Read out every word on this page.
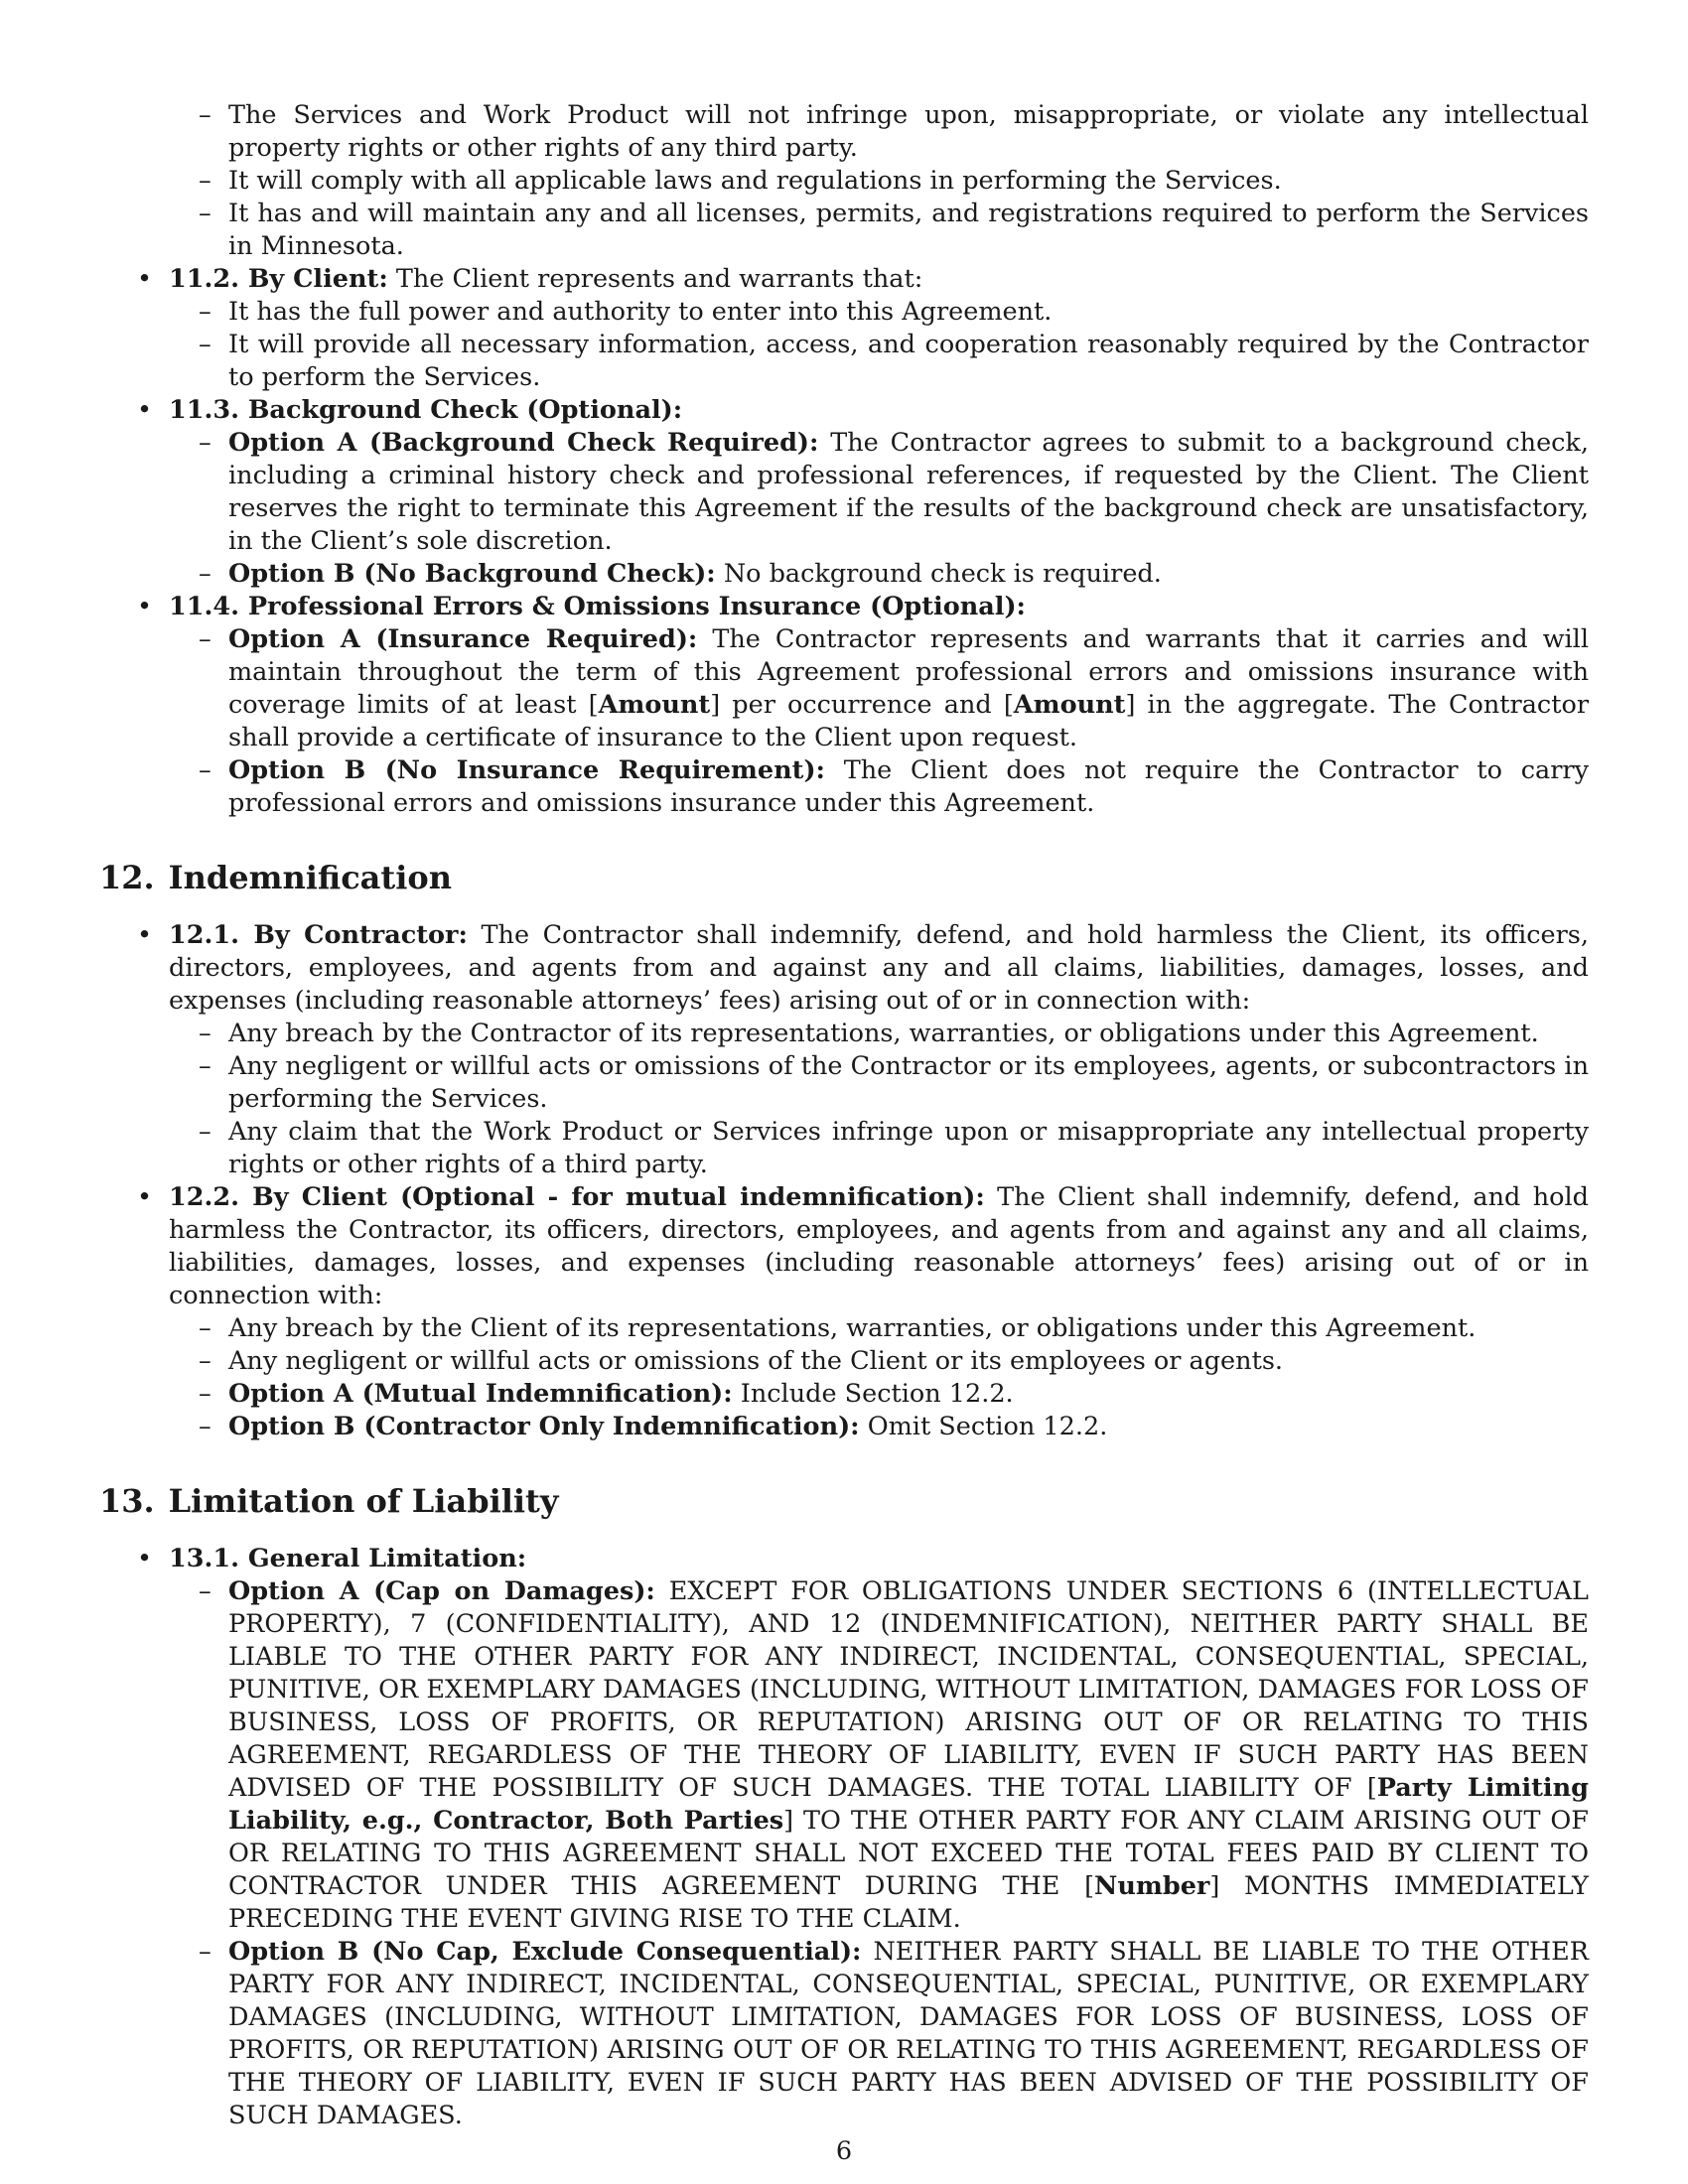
– The Services and Work Product will not infringe upon, misappropriate, or violate any intellectual property rights or other rights of any third party.
– It will comply with all applicable laws and regulations in performing the Services.
– It has and will maintain any and all licenses, permits, and registrations required to perform the Services in Minnesota.
• 11.2. By Client: The Client represents and warrants that:
– It has the full power and authority to enter into this Agreement.
– It will provide all necessary information, access, and cooperation reasonably required by the Contractor to perform the Services.
• 11.3. Background Check (Optional):
– Option A (Background Check Required): The Contractor agrees to submit to a background check, including a criminal history check and professional references, if requested by the Client. The Client reserves the right to terminate this Agreement if the results of the background check are unsatisfactory, in the Client’s sole discretion.
– Option B (No Background Check): No background check is required.
• 11.4. Professional Errors & Omissions Insurance (Optional):
– Option A (Insurance Required): The Contractor represents and warrants that it carries and will maintain throughout the term of this Agreement professional errors and omissions insurance with coverage limits of at least [Amount] per occurrence and [Amount] in the aggregate. The Contractor shall provide a certificate of insurance to the Client upon request.
– Option B (No Insurance Requirement): The Client does not require the Contractor to carry professional errors and omissions insurance under this Agreement.
12. Indemnification
• 12.1. By Contractor: The Contractor shall indemnify, defend, and hold harmless the Client, its officers, directors, employees, and agents from and against any and all claims, liabilities, damages, losses, and expenses (including reasonable attorneys’ fees) arising out of or in connection with:
– Any breach by the Contractor of its representations, warranties, or obligations under this Agreement.
– Any negligent or willful acts or omissions of the Contractor or its employees, agents, or subcontractors in performing the Services.
– Any claim that the Work Product or Services infringe upon or misappropriate any intellectual property rights or other rights of a third party.
• 12.2. By Client (Optional - for mutual indemnification): The Client shall indemnify, defend, and hold harmless the Contractor, its officers, directors, employees, and agents from and against any and all claims, liabilities, damages, losses, and expenses (including reasonable attorneys’ fees) arising out of or in connection with:
– Any breach by the Client of its representations, warranties, or obligations under this Agreement.
– Any negligent or willful acts or omissions of the Client or its employees or agents.
– Option A (Mutual Indemnification): Include Section 12.2.
– Option B (Contractor Only Indemnification): Omit Section 12.2.
13. Limitation of Liability
• 13.1. General Limitation:
– Option A (Cap on Damages): EXCEPT FOR OBLIGATIONS UNDER SECTIONS 6 (INTELLECTUAL PROPERTY), 7 (CONFIDENTIALITY), AND 12 (INDEMNIFICATION), NEITHER PARTY SHALL BE LIABLE TO THE OTHER PARTY FOR ANY INDIRECT, INCIDENTAL, CONSEQUENTIAL, SPECIAL, PUNITIVE, OR EXEMPLARY DAMAGES (INCLUDING, WITHOUT LIMITATION, DAMAGES FOR LOSS OF BUSINESS, LOSS OF PROFITS, OR REPUTATION) ARISING OUT OF OR RELATING TO THIS AGREEMENT, REGARDLESS OF THE THEORY OF LIABILITY, EVEN IF SUCH PARTY HAS BEEN ADVISED OF THE POSSIBILITY OF SUCH DAMAGES. THE TOTAL LIABILITY OF [Party Limiting Liability, e.g., Contractor, Both Parties] TO THE OTHER PARTY FOR ANY CLAIM ARISING OUT OF OR RELATING TO THIS AGREEMENT SHALL NOT EXCEED THE TOTAL FEES PAID BY CLIENT TO CONTRACTOR UNDER THIS AGREEMENT DURING THE [Number] MONTHS IMMEDIATELY PRECEDING THE EVENT GIVING RISE TO THE CLAIM.
– Option B (No Cap, Exclude Consequential): NEITHER PARTY SHALL BE LIABLE TO THE OTHER PARTY FOR ANY INDIRECT, INCIDENTAL, CONSEQUENTIAL, SPECIAL, PUNITIVE, OR EXEMPLARY DAMAGES (INCLUDING, WITHOUT LIMITATION, DAMAGES FOR LOSS OF BUSINESS, LOSS OF PROFITS, OR REPUTATION) ARISING OUT OF OR RELATING TO THIS AGREEMENT, REGARDLESS OF THE THEORY OF LIABILITY, EVEN IF SUCH PARTY HAS BEEN ADVISED OF THE POSSIBILITY OF SUCH DAMAGES.
6
